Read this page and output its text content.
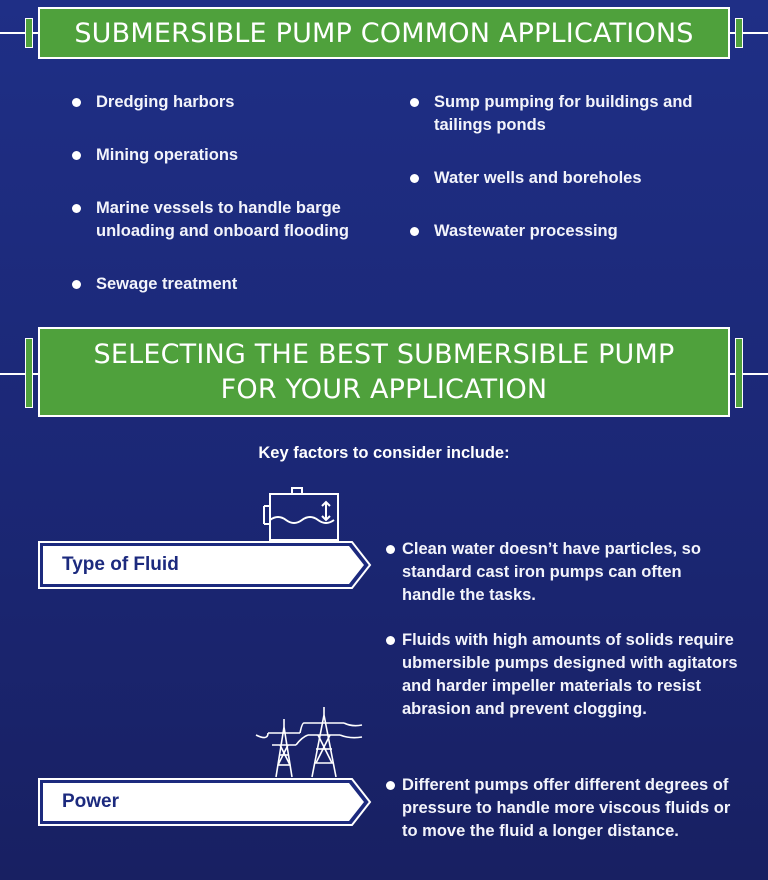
SUBMERSIBLE PUMP COMMON APPLICATIONS
Dredging harbors
Mining operations
Marine vessels to handle barge unloading and onboard flooding
Sewage treatment
Sump pumping for buildings and tailings ponds
Water wells and boreholes
Wastewater processing
SELECTING THE BEST SUBMERSIBLE PUMP
FOR YOUR APPLICATION
Key factors to consider include:
Type of Fluid
Clean water doesn’t have particles, so standard cast iron pumps can often handle the tasks.
Fluids with high amounts of solids require ubmersible pumps designed with agitators and harder impeller materials to resist abrasion and prevent clogging.
Power
Different pumps offer different degrees of pressure to handle more viscous fluids or to move the fluid a longer distance.
